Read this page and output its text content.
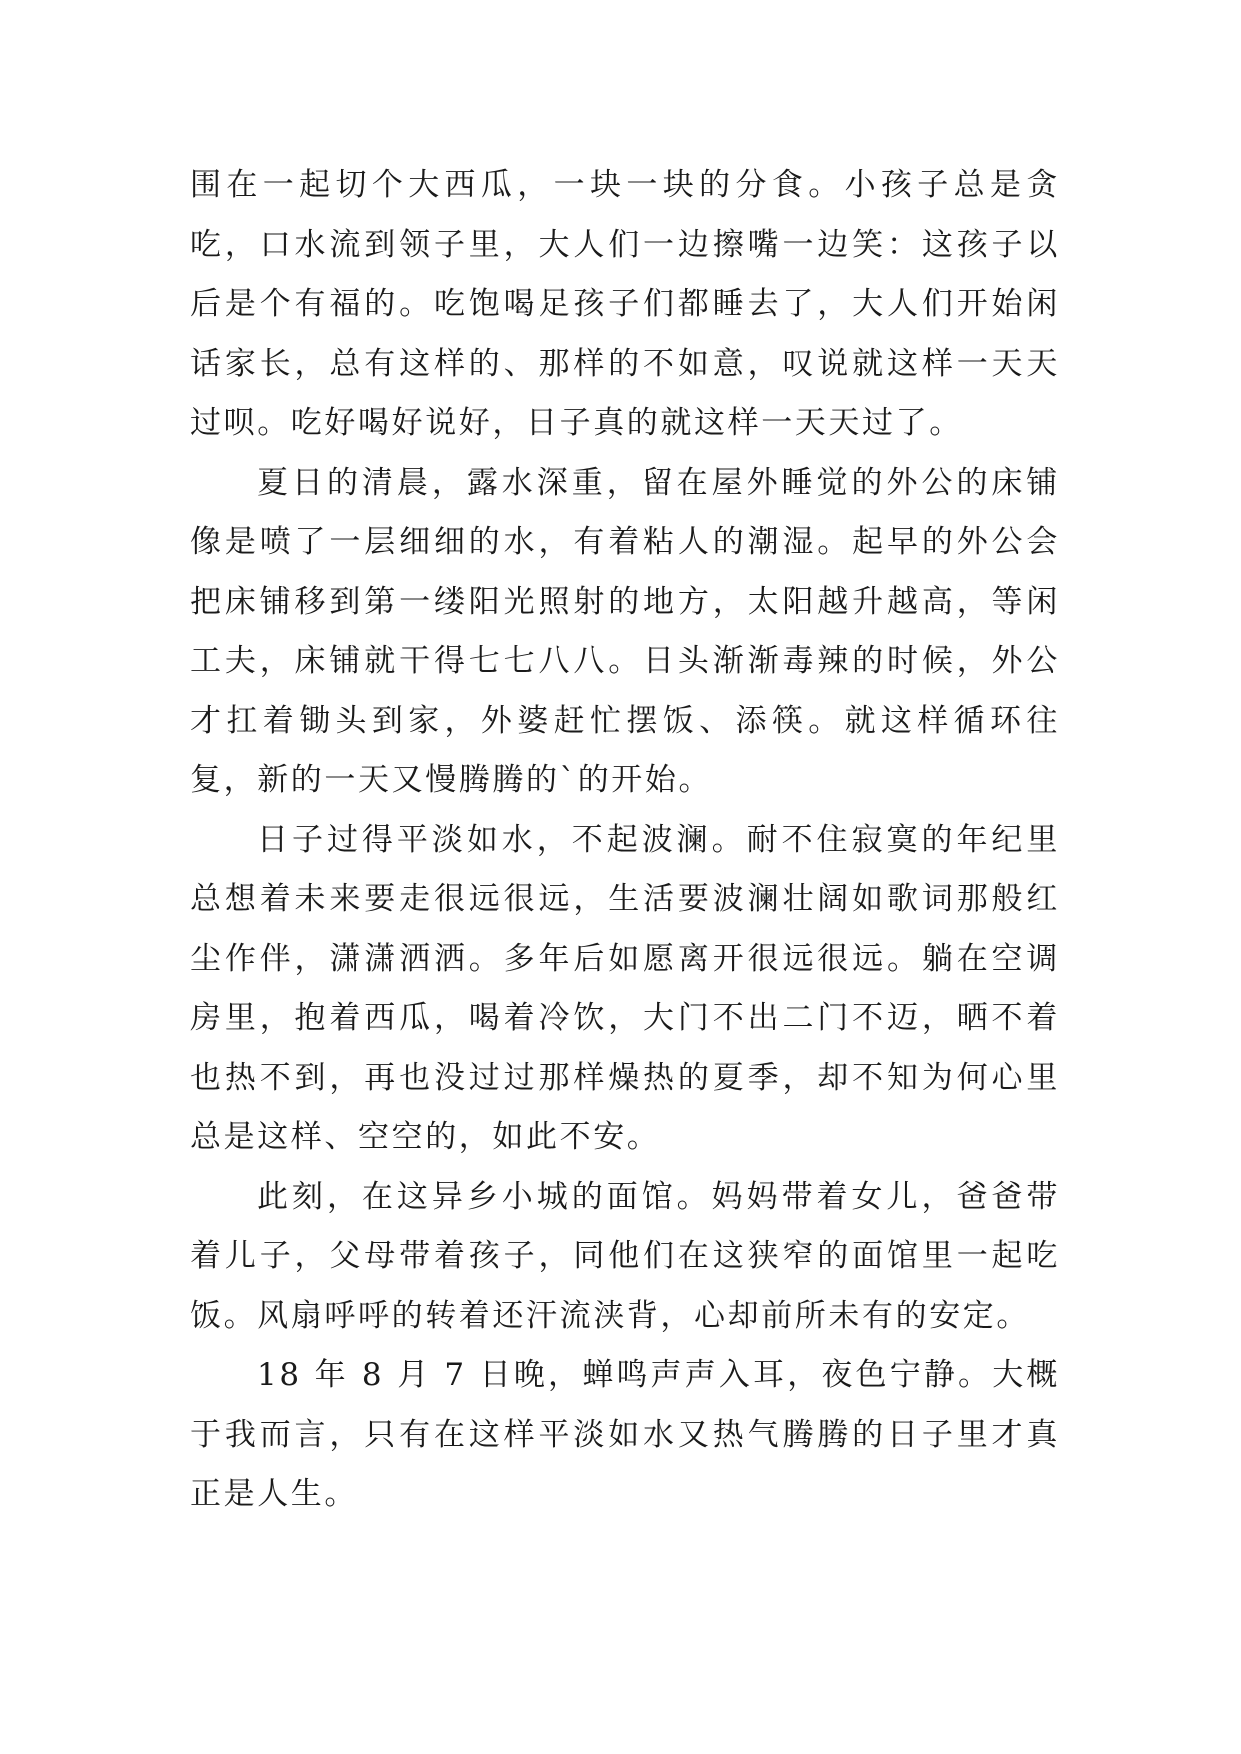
围在一起切个大西瓜，一块一块的分食。小孩子总是贪吃，口水流到领子里，大人们一边擦嘴一边笑：这孩子以后是个有福的。吃饱喝足孩子们都睡去了，大人们开始闲话家长，总有这样的、那样的不如意，叹说就这样一天天过呗。吃好喝好说好，日子真的就这样一天天过了。

夏日的清晨，露水深重，留在屋外睡觉的外公的床铺像是喷了一层细细的水，有着粘人的潮湿。起早的外公会把床铺移到第一缕阳光照射的地方，太阳越升越高，等闲工夫，床铺就干得七七八八。日头渐渐毒辣的时候，外公才扛着锄头到家，外婆赶忙摆饭、添筷。就这样循环往复，新的一天又慢腾腾的`的开始。

日子过得平淡如水，不起波澜。耐不住寂寞的年纪里总想着未来要走很远很远，生活要波澜壮阔如歌词那般红尘作伴，潇潇洒洒。多年后如愿离开很远很远。躺在空调房里，抱着西瓜，喝着冷饮，大门不出二门不迈，晒不着也热不到，再也没过过那样燥热的夏季，却不知为何心里总是这样、空空的，如此不安。

此刻，在这异乡小城的面馆。妈妈带着女儿，爸爸带着儿子，父母带着孩子，同他们在这狭窄的面馆里一起吃饭。风扇呼呼的转着还汗流浃背，心却前所未有的安定。

18 年 8 月 7 日晚，蝉鸣声声入耳，夜色宁静。大概于我而言，只有在这样平淡如水又热气腾腾的日子里才真正是人生。
